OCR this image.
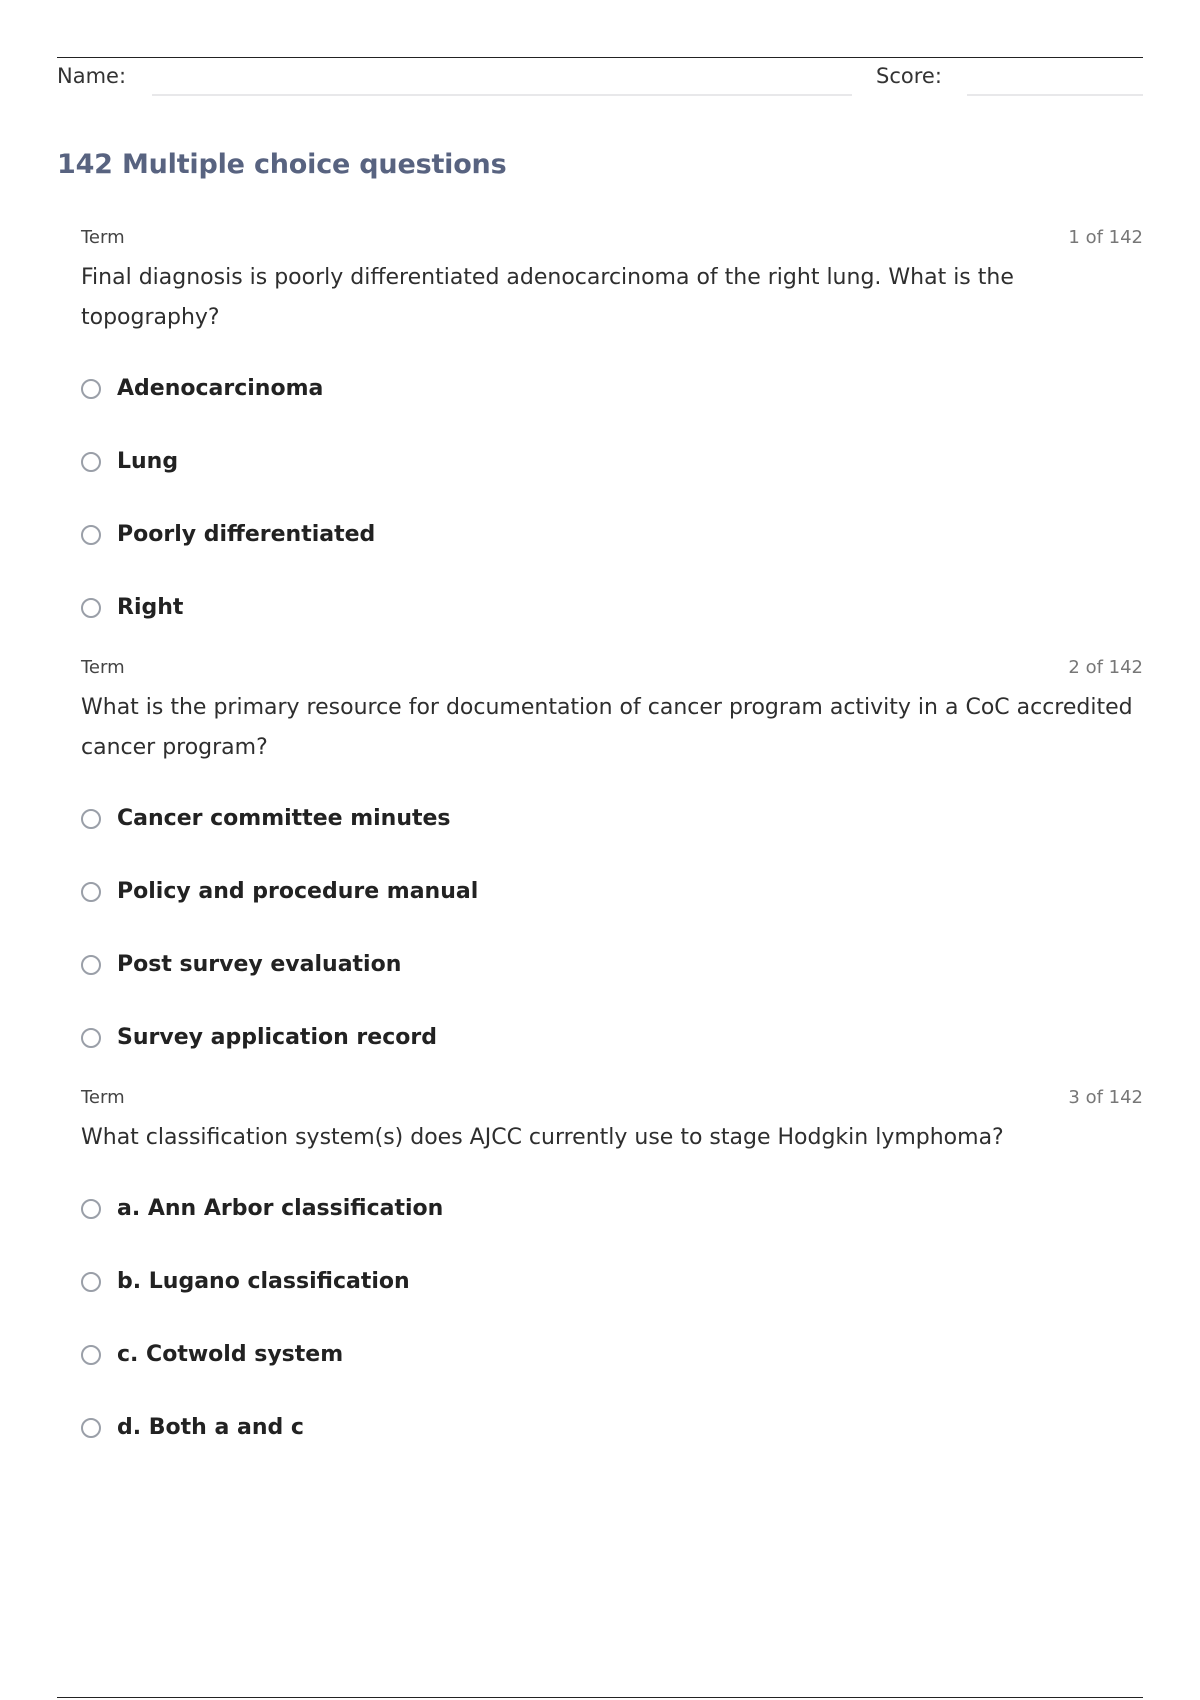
Name:	Score:
142 Multiple choice questions
Term	1 of 142

Final diagnosis is poorly differentiated adenocarcinoma of the right lung. What is the topography?

Adenocarcinoma
Lung
Poorly differentiated
Right
Term	2 of 142

What is the primary resource for documentation of cancer program activity in a CoC accredited cancer program?

Cancer committee minutes
Policy and procedure manual
Post survey evaluation
Survey application record
Term	3 of 142

What classification system(s) does AJCC currently use to stage Hodgkin lymphoma?

a. Ann Arbor classification
b. Lugano classification
c. Cotwold system
d. Both a and c
